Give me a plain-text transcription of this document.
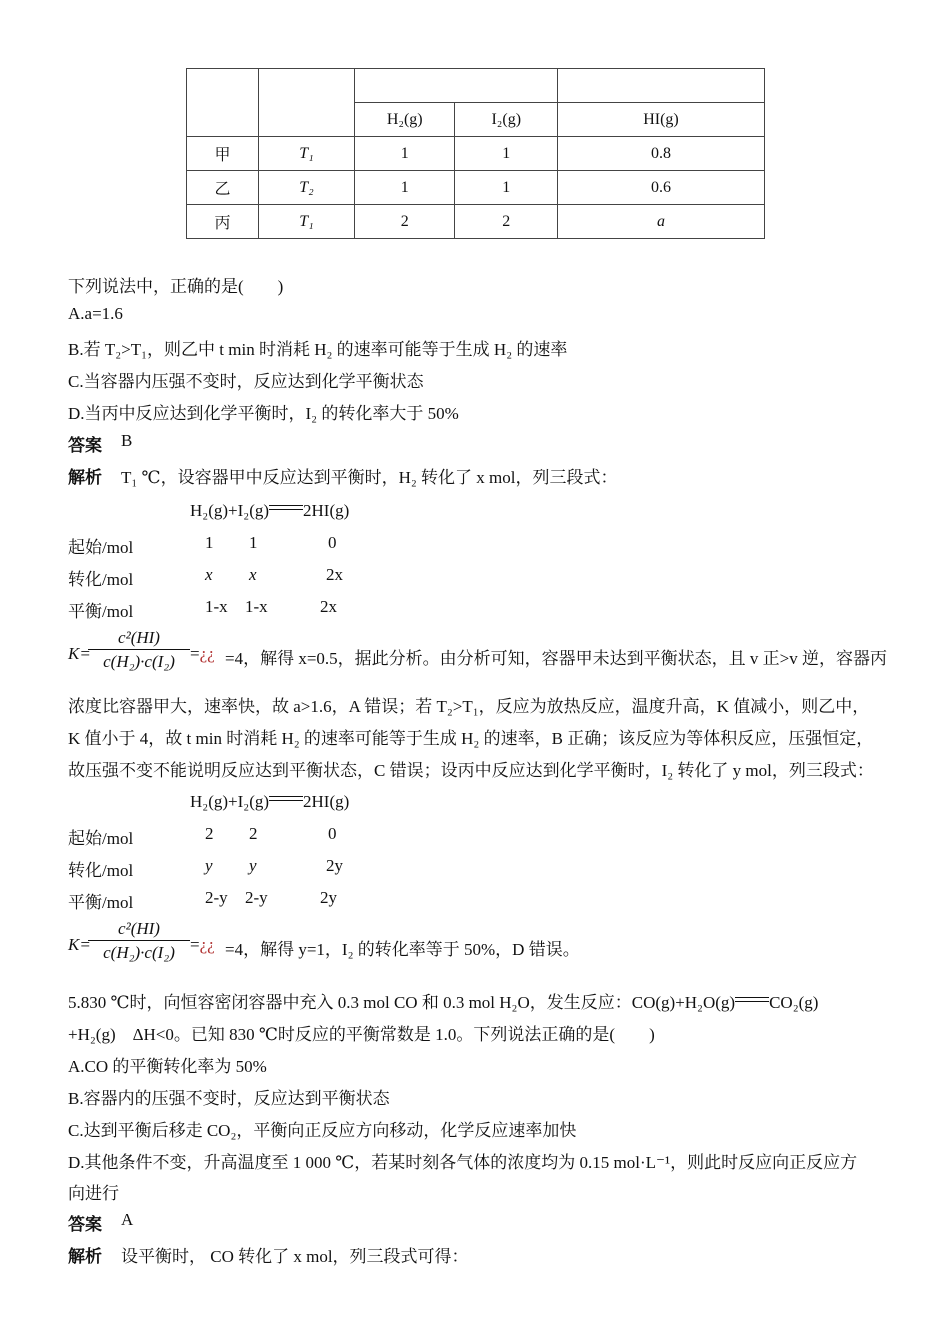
		H₂(g)	I₂(g)	HI(g)
甲	T₁	1	1	0.8
乙	T₂	1	1	0.6
丙	T₁	2	2	a
下列说法中，正确的是(　　)
A.a=1.6
B.若 T₂>T₁，则乙中 t min 时消耗 H₂ 的速率可能等于生成 H₂ 的速率
C.当容器内压强不变时，反应达到化学平衡状态
D.当丙中反应达到化学平衡时，I₂ 的转化率大于 50%
答案 B
解析 T₁ ℃，设容器甲中反应达到平衡时，H₂ 转化了 x mol，列三段式：
H₂(g)+I₂(g) 2HI(g)
起始/mol	1 1	0
转化/mol	x x	2x
平衡/mol	1-x 1-x	2x
K=
$\frac{\text{c²(HI)}}{\text{c(H₂)·c(I₂)}}$ =¿¿ =4，解得 x=0.5，据此分析。由分析可知，容器甲未达到平衡状态，且 v 正>v 逆，容器丙
浓度比容器甲大，速率快，故 a>1.6，A 错误；若 T₂>T₁，反应为放热反应，温度升高，K 值减小，则乙中，
K 值小于 4，故 t min 时消耗 H₂ 的速率可能等于生成 H₂ 的速率，B 正确；该反应为等体积反应，压强恒定，
故压强不变不能说明反应达到平衡状态，C 错误；设丙中反应达到化学平衡时，I₂ 转化了 y mol，列三段式：
H₂(g)+I₂(g) 2HI(g)
起始/mol	2 2	0
转化/mol	y y	2y
平衡/mol	2-y 2-y	2y
K=
$\frac{\text{c²(HI)}}{\text{c(H₂)·c(I₂)}}$ =¿¿ =4，解得 y=1，I₂ 的转化率等于 50%，D 错误。
5.830 ℃时，向恒容密闭容器中充入 0.3 mol CO 和 0.3 mol H₂O，发生反应：CO(g)+H₂O(g) CO₂(g)
+H₂(g)　ΔH<0。已知 830 ℃时反应的平衡常数是 1.0。下列说法正确的是(　　)
A.CO 的平衡转化率为 50%
B.容器内的压强不变时，反应达到平衡状态
C.达到平衡后移走 CO₂，平衡向正反应方向移动，化学反应速率加快
D.其他条件不变，升高温度至 1 000 ℃，若某时刻各气体的浓度均为 0.15 mol·L⁻¹，则此时反应向正反应方
向进行
答案 A
解析 设平衡时， CO 转化了 x mol，列三段式可得：
